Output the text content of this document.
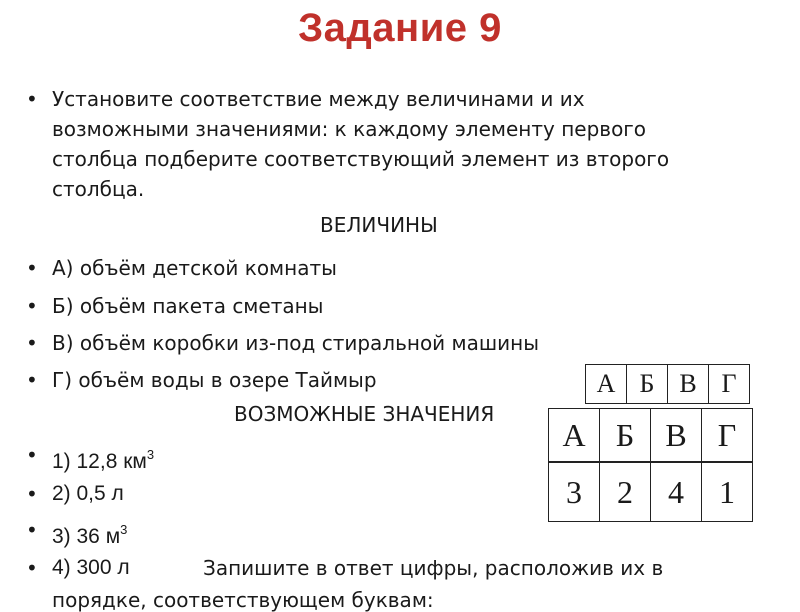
Задание 9
• Установите соответствие между величинами и их
возможными значениями: к каждому элементу первого
столбца подберите соответствующий элемент из второго
столбца.
ВЕЛИЧИНЫ
• А) объём детской комнаты
• Б) объём пакета сметаны
• В) объём коробки из-под стиральной машины
• Г) объём воды в озере Таймыр
ВОЗМОЖНЫЕ ЗНАЧЕНИЯ
• 1) 12,8 $км^3$
• 2) 0,5 л
• 3) 36 $м^3$
• 4) 300 л	Запишите в ответ цифры, расположив их в
порядке, соответствующем буквам:
А	Б	В	Г
А	Б	В	Г
3	2	4	1
